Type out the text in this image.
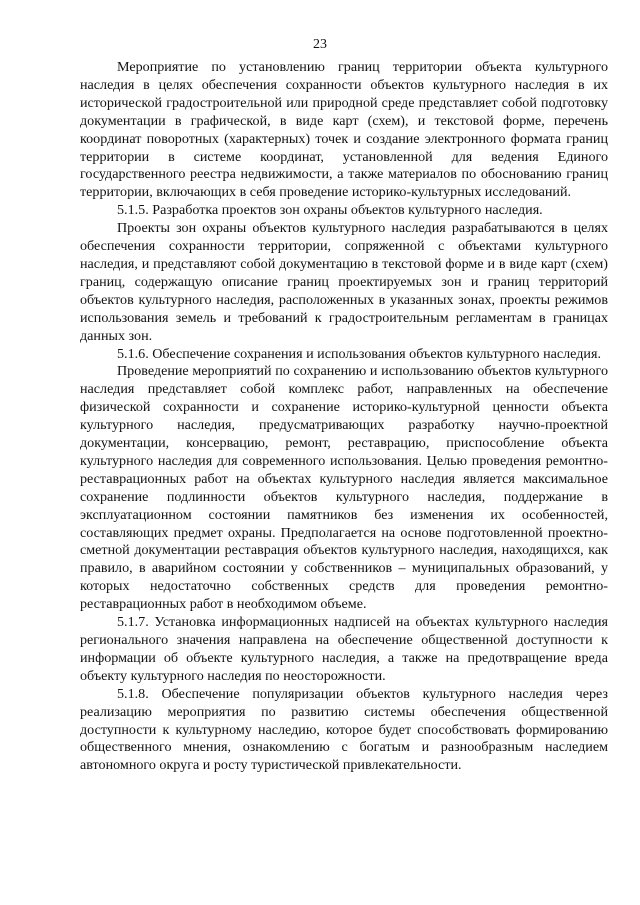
23

Мероприятие по установлению границ территории объекта культурного наследия в целях обеспечения сохранности объектов культурного наследия в их исторической градостроительной или природной среде представляет собой подготовку документации в графической, в виде карт (схем), и текстовой форме, перечень координат поворотных (характерных) точек и создание электронного формата границ территории в системе координат, установленной для ведения Единого государственного реестра недвижимости, а также материалов по обоснованию границ территории, включающих в себя проведение историко-культурных исследований.

5.1.5. Разработка проектов зон охраны объектов культурного наследия.

Проекты зон охраны объектов культурного наследия разрабатываются в целях обеспечения сохранности территории, сопряженной с объектами культурного наследия, и представляют собой документацию в текстовой форме и в виде карт (схем) границ, содержащую описание границ проектируемых зон и границ территорий объектов культурного наследия, расположенных в указанных зонах, проекты режимов использования земель и требований к градостроительным регламентам в границах данных зон.

5.1.6. Обеспечение сохранения и использования объектов культурного наследия.

Проведение мероприятий по сохранению и использованию объектов культурного наследия представляет собой комплекс работ, направленных на обеспечение физической сохранности и сохранение историко-культурной ценности объекта культурного наследия, предусматривающих разработку научно-проектной документации, консервацию, ремонт, реставрацию, приспособление объекта культурного наследия для современного использования. Целью проведения ремонтно-реставрационных работ на объектах культурного наследия является максимальное сохранение подлинности объектов культурного наследия, поддержание в эксплуатационном состоянии памятников без изменения их особенностей, составляющих предмет охраны. Предполагается на основе подготовленной проектно-сметной документации реставрация объектов культурного наследия, находящихся, как правило, в аварийном состоянии у собственников – муниципальных образований, у которых недостаточно собственных средств для проведения ремонтно-реставрационных работ в необходимом объеме.

5.1.7. Установка информационных надписей на объектах культурного наследия регионального значения направлена на обеспечение общественной доступности к информации об объекте культурного наследия, а также на предотвращение вреда объекту культурного наследия по неосторожности.

5.1.8. Обеспечение популяризации объектов культурного наследия через реализацию мероприятия по развитию системы обеспечения общественной доступности к культурному наследию, которое будет способствовать формированию общественного мнения, ознакомлению с богатым и разнообразным наследием автономного округа и росту туристической привлекательности.
